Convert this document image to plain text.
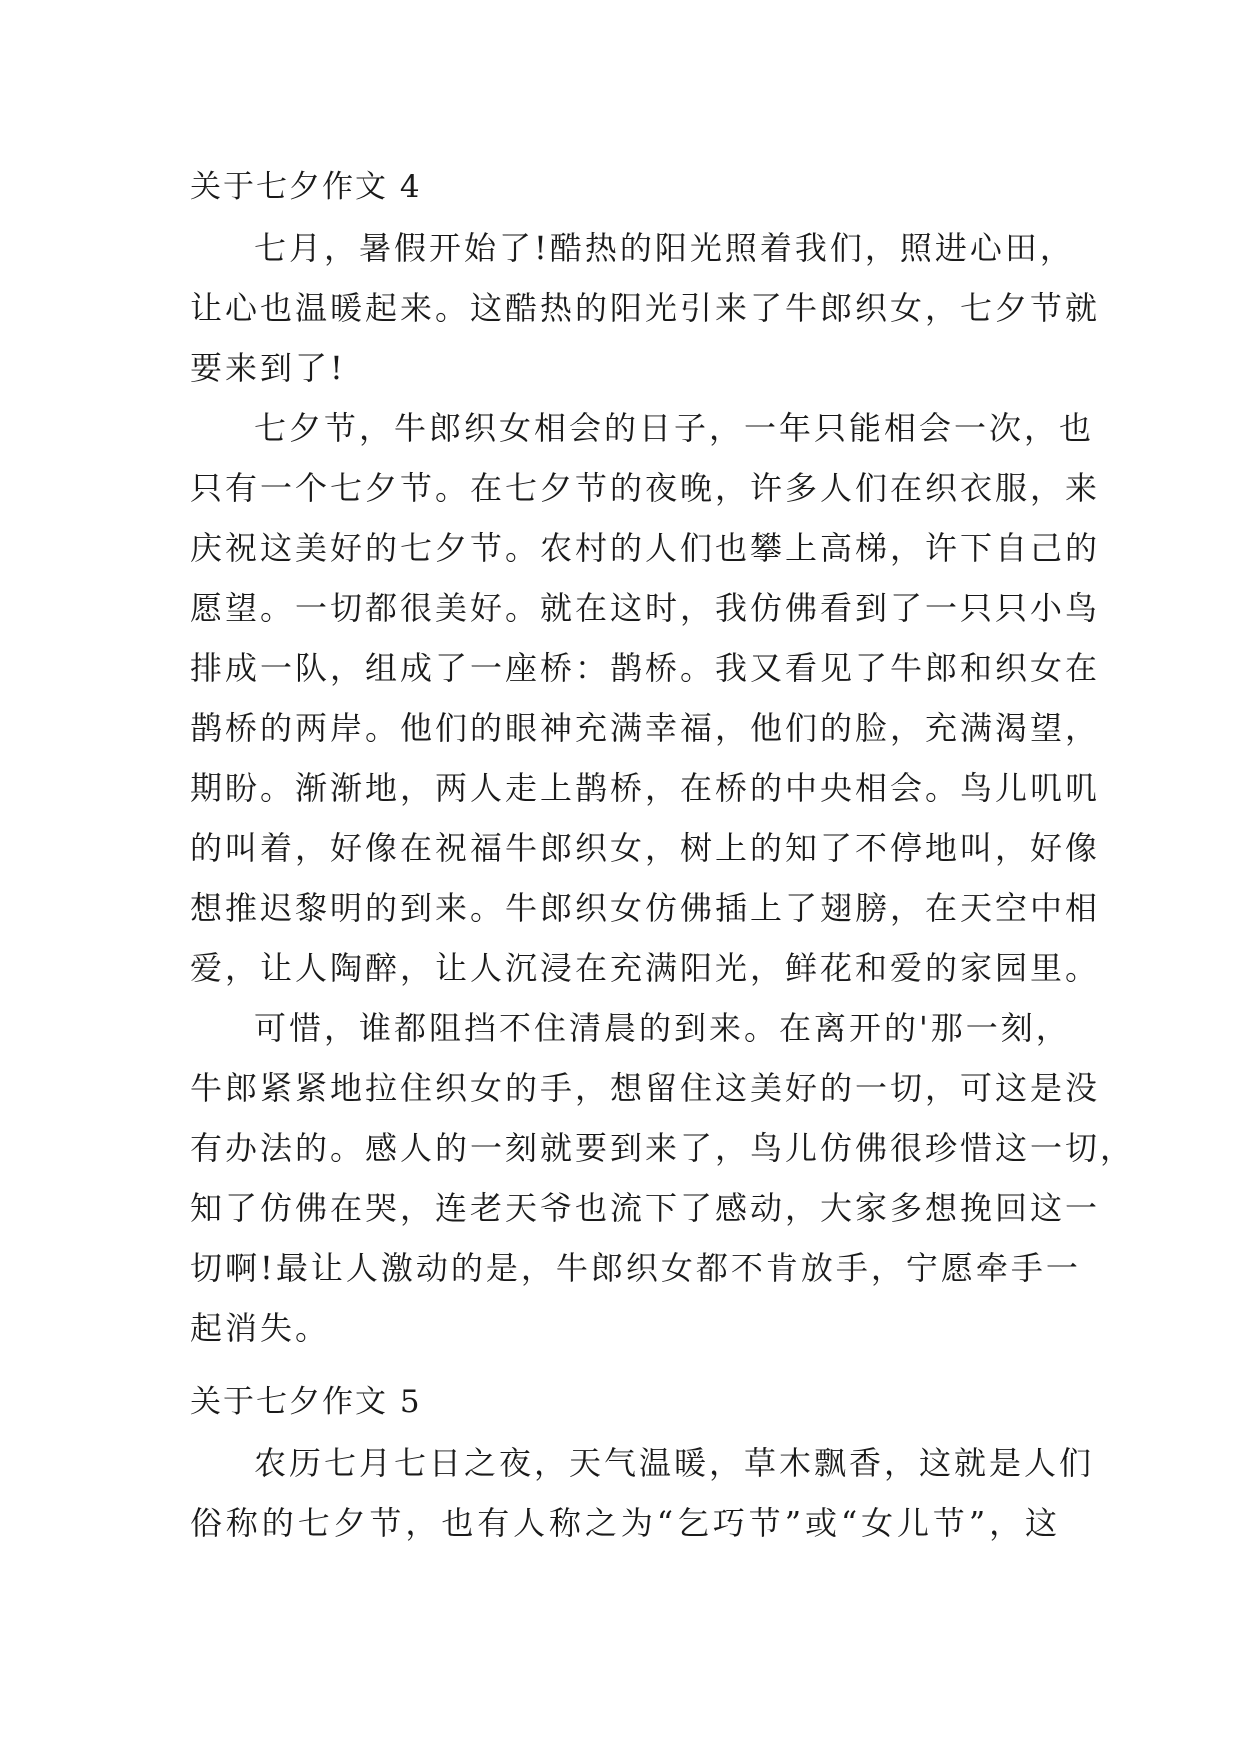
关于七夕作文 4
七月，暑假开始了!酷热的阳光照着我们，照进心田，
让心也温暖起来。这酷热的阳光引来了牛郎织女，七夕节就
要来到了!
七夕节，牛郎织女相会的日子，一年只能相会一次，也
只有一个七夕节。在七夕节的夜晚，许多人们在织衣服，来
庆祝这美好的七夕节。农村的人们也攀上高梯，许下自己的
愿望。一切都很美好。就在这时，我仿佛看到了一只只小鸟
排成一队，组成了一座桥：鹊桥。我又看见了牛郎和织女在
鹊桥的两岸。他们的眼神充满幸福，他们的脸，充满渴望，
期盼。渐渐地，两人走上鹊桥，在桥的中央相会。鸟儿叽叽
的叫着，好像在祝福牛郎织女，树上的知了不停地叫，好像
想推迟黎明的到来。牛郎织女仿佛插上了翅膀，在天空中相
爱，让人陶醉，让人沉浸在充满阳光，鲜花和爱的家园里。
可惜，谁都阻挡不住清晨的到来。在离开的'那一刻，
牛郎紧紧地拉住织女的手，想留住这美好的一切，可这是没
有办法的。感人的一刻就要到来了，鸟儿仿佛很珍惜这一切，
知了仿佛在哭，连老天爷也流下了感动，大家多想挽回这一
切啊!最让人激动的是，牛郎织女都不肯放手，宁愿牵手一
起消失。
关于七夕作文 5
农历七月七日之夜，天气温暖，草木飘香，这就是人们
俗称的七夕节，也有人称之为“乞巧节”或“女儿节”，这
